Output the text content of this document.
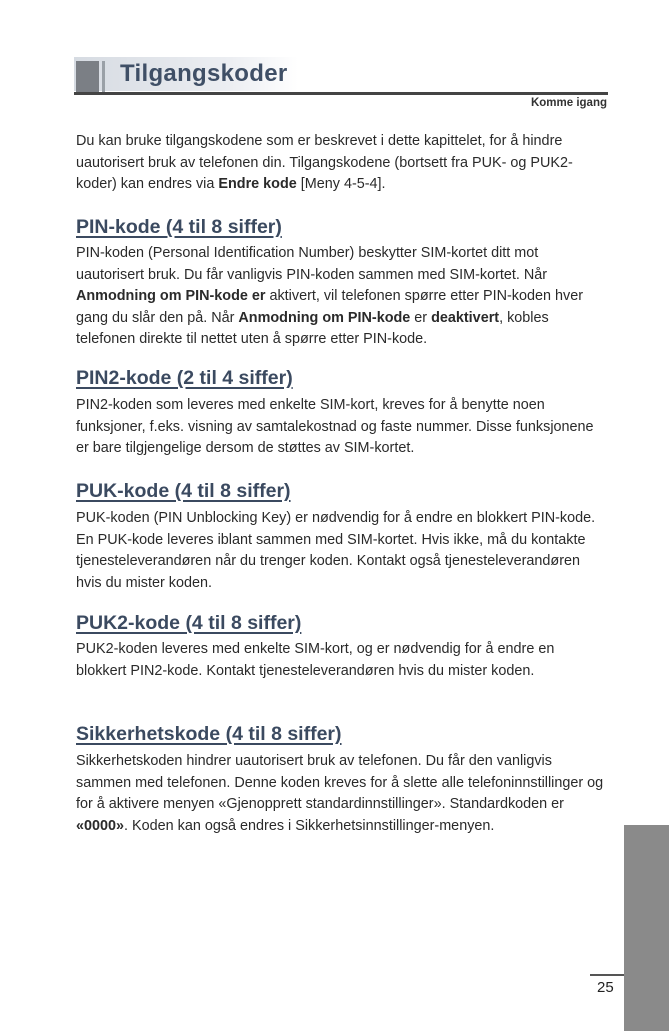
Tilgangskoder
Komme igang

Du kan bruke tilgangskodene som er beskrevet i dette kapittelet, for å hindre uautorisert bruk av telefonen din. Tilgangskodene (bortsett fra PUK- og PUK2-koder) kan endres via Endre kode [Meny 4-5-4].

PIN-kode (4 til 8 siffer)

PIN-koden (Personal Identification Number) beskytter SIM-kortet ditt mot uautorisert bruk. Du får vanligvis PIN-koden sammen med SIM-kortet. Når Anmodning om PIN-kode er aktivert, vil telefonen spørre etter PIN-koden hver gang du slår den på. Når Anmodning om PIN-kode er deaktivert, kobles telefonen direkte til nettet uten å spørre etter PIN-kode.

PIN2-kode (2 til 4 siffer)

PIN2-koden som leveres med enkelte SIM-kort, kreves for å benytte noen funksjoner, f.eks. visning av samtalekostnad og faste nummer. Disse funksjonene er bare tilgjengelige dersom de støttes av SIM-kortet.

PUK-kode (4 til 8 siffer)

PUK-koden (PIN Unblocking Key) er nødvendig for å endre en blokkert PIN-kode. En PUK-kode leveres iblant sammen med SIM-kortet. Hvis ikke, må du kontakte tjenesteleverandøren når du trenger koden. Kontakt også tjenesteleverandøren hvis du mister koden.

PUK2-kode (4 til 8 siffer)

PUK2-koden leveres med enkelte SIM-kort, og er nødvendig for å endre en blokkert PIN2-kode. Kontakt tjenesteleverandøren hvis du mister koden.

Sikkerhetskode (4 til 8 siffer)

Sikkerhetskoden hindrer uautorisert bruk av telefonen. Du får den vanligvis sammen med telefonen. Denne koden kreves for å slette alle telefoninnstillinger og for å aktivere menyen «Gjenopprett standardinnstillinger». Standardkoden er «0000». Koden kan også endres i Sikkerhetsinnstillinger-menyen.

25
